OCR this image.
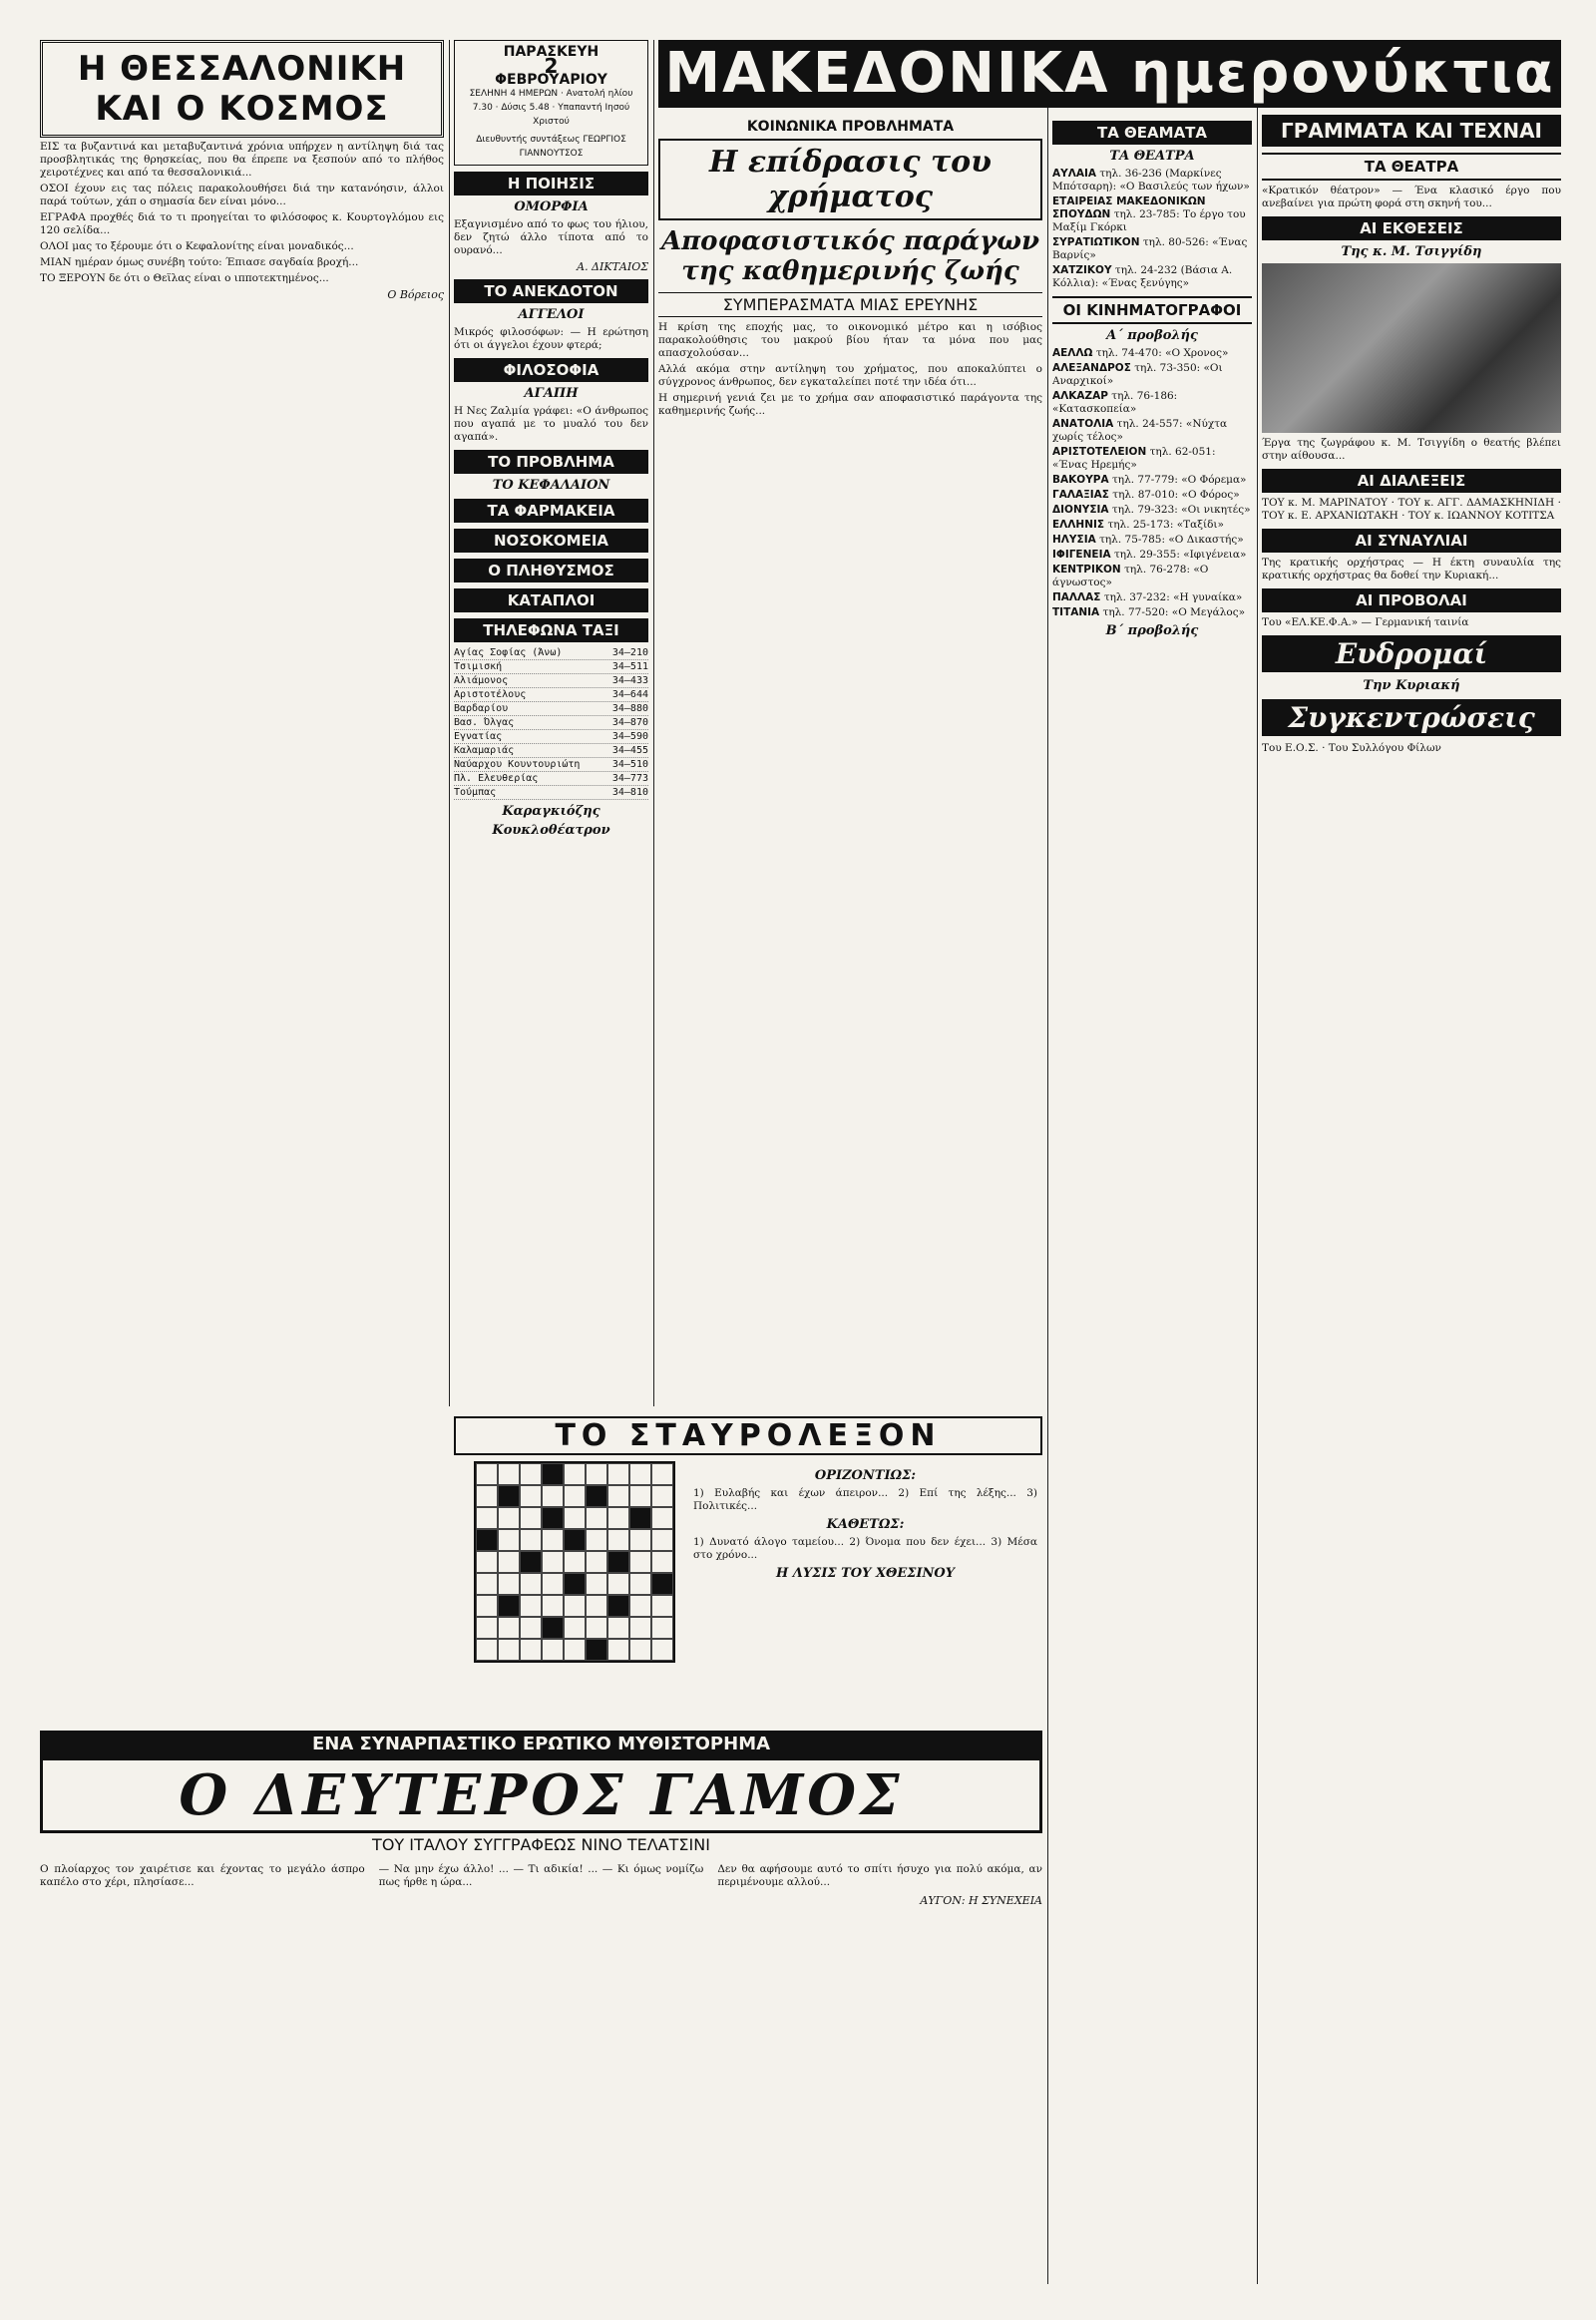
Η ΘΕΣΣΑΛΟΝΙΚΗ ΚΑΙ Ο ΚΟΣΜΟΣ

ΕΙΣ τα βυζαντινά και μεταβυζαντινά χρόνια υπήρχεν η αντίληψη διά τας προσβλητικάς της θρησκείας, που θα έπρεπε να ξεσπούν από το πλήθος χειροτέχνες και από τα θεσσαλονικιά...

ΟΣΟΙ έχουν εις τας πόλεις παρακολουθήσει διά την κατανόησιν, άλλοι παρά τούτων, χάπ ο σημασία δεν είναι μόνο...

ΕΓΡΑΦΑ πρoχθές διά το τι προηγείται το φιλόσοφος κ. Κουρτογλόμου εις 120 σελίδα...

ΟΛΟΙ μας το ξέρουμε ότι ο Κεφαλονίτης είναι μοναδικός...

ΜΙΑΝ ημέραν όμως συνέβη τούτο: Έπιασε σαγδαία βροχή...

ΤΟ ΞΕΡΟΥΝ δε ότι ο Θεϊλας είναι ο ιπποτεκτημένος...

Ο Βόρειος

ΠΑΡΑΣΚΕΥΗ
2
ΦΕΒΡΟΥΑΡΙΟΥ
ΣΕΛΗΝΗ 4 ΗΜΕΡΩΝ · Ανατολή ηλίου 7.30 · Δύσις 5.48 · Υπαπαντή Ιησού Χριστού
Διευθυντής συντάξεως ΓΕΩΡΓΙΟΣ ΓΙΑΝΝΟΥΤΣΟΣ
Η ΠΟΙΗΣΙΣ
ΟΜΟΡΦΙΑ

Εξαγνισμένο από το φως του ήλιου, δεν ζητώ άλλο τίποτα από το ουρανό...

Α. ΔΙΚΤΑΙΟΣ

ΤΟ ΑΝΕΚΔΟΤΟΝ
ΑΓΓΕΛΟΙ

Μικρός φιλοσόφων: — Η ερώτηση ότι οι άγγελοι έχουν φτερά;

ΦΙΛΟΣΟΦΙΑ
ΑΓΑΠΗ

Η Νες Ζαλμία γράφει: «Ο άνθρωπος που αγαπά με το μυαλό του δεν αγαπά».

ΤΟ ΠΡΟΒΛΗΜΑ
ΤΟ ΚΕΦΑΛΑΙΟΝ
ΤΑ ΦΑΡΜΑΚΕΙΑ
ΝΟΣΟΚΟΜΕΙΑ
Ο ΠΛΗΘΥΣΜΟΣ
ΚΑΤΑΠΛΟΙ
ΤΗΛΕΦΩΝΑ ΤΑΞΙ
Αγίας Σοφίας (Άνω)	34—210
Τσιμισκή	34—511
Αλιάμονος	34—433
Αριστοτέλους	34—644
Βαρδαρίου	34—880
Βασ. Όλγας	34—870
Εγνατίας	34—590
Καλαμαριάς	34—455
Ναύαρχου Κουντουριώτη	34—510
Πλ. Ελευθερίας	34—773
Τούμπας	34—810
Καραγκιόζης
Κουκλοθέατρον
ΜΑΚΕΔΟΝΙΚΑ ημερονύκτια
ΚΟΙΝΩΝΙΚΑ ΠΡΟΒΛΗΜΑΤΑ
Η επίδρασις του χρήματος
Αποφασιστικός παράγων της καθημερινής ζωής
ΣΥΜΠΕΡΑΣΜΑΤΑ ΜΙΑΣ ΕΡΕΥΝΗΣ

Η κρίση της εποχής μας, το οικονομικό μέτρο και η ισόβιος παρακολούθησις του μακρού βίου ήταν τα μόνα που μας απασχολούσαν...

Αλλά ακόμα στην αντίληψη του χρήματος, που αποκαλύπτει ο σύγχρονος άνθρωπος, δεν εγκαταλείπει ποτέ την ιδέα ότι...

Η σημερινή γενιά ζει με το χρήμα σαν αποφασιστικό παράγοντα της καθημερινής ζωής...

ΤΑ ΘΕΑΜΑΤΑ
ΤΑ ΘΕΑΤΡΑ
ΑΥΛΑΙΑ τηλ. 36-236 (Μαρκίνες Μπότσαρη): «Ο Βασιλεύς των ήχων»
ΕΤΑΙΡΕΙΑΣ ΜΑΚΕΔΟΝΙΚΩΝ ΣΠΟΥΔΩΝ τηλ. 23-785: Το έργο του Μαξίμ Γκόρκι
ΣΥΡΑΤΙΩΤΙΚΟΝ τηλ. 80-526: «Ένας Βαρνίς»
ΧΑΤΖΙΚΟΥ τηλ. 24-232 (Βάσια Α. Κόλλια): «Ένας ξενύγης»
ΟΙ ΚΙΝΗΜΑΤΟΓΡΑΦΟΙ
Α΄ προβολής
ΑΕΛΛΩ τηλ. 74-470: «Ο Χρονος»
ΑΛΕΞΑΝΔΡΟΣ τηλ. 73-350: «Οι Αναρχικοί»
ΑΛΚΑΖΑΡ τηλ. 76-186: «Κατασκοπεία»
ΑΝΑΤΟΛΙΑ τηλ. 24-557: «Νύχτα χωρίς τέλος»
ΑΡΙΣΤΟΤΕΛΕΙΟΝ τηλ. 62-051: «Ένας Ηρεμής»
ΒΑΚΟΥΡΑ τηλ. 77-779: «Ο Φόρεμα»
ΓΑΛΑΞΙΑΣ τηλ. 87-010: «Ο Φόρος»
ΔΙΟΝΥΣΙΑ τηλ. 79-323: «Οι νικητές»
ΕΛΛΗΝΙΣ τηλ. 25-173: «Ταξίδι»
ΗΛΥΣΙΑ τηλ. 75-785: «Ο Δικαστής»
ΙΦΙΓΕΝΕΙΑ τηλ. 29-355: «Ιφιγένεια»
ΚΕΝΤΡΙΚΟΝ τηλ. 76-278: «Ο άγνωστος»
ΠΑΛΛΑΣ τηλ. 37-232: «Η γυναίκα»
ΤΙΤΑΝΙΑ τηλ. 77-520: «Ο Μεγάλος»
Β΄ προβολής
ΓΡΑΜΜΑΤΑ ΚΑΙ ΤΕΧΝΑΙ
ΤΑ ΘΕΑΤΡΑ

«Κρατικόν θέατρον» — Ένα κλασικό έργο που ανεβαίνει για πρώτη φορά στη σκηνή του...

ΑΙ ΕΚΘΕΣΕΙΣ
Της κ. Μ. Τσιγγίδη

Έργα της ζωγράφου κ. Μ. Τσιγγίδη ο θεατής βλέπει στην αίθουσα...

ΑΙ ΔΙΑΛΕΞΕΙΣ

ΤΟΥ κ. Μ. ΜΑΡΙΝΑΤΟΥ · ΤΟΥ κ. ΑΓΓ. ΔΑΜΑΣΚΗΝΙΔΗ · ΤΟΥ κ. Ε. ΑΡΧΑΝΙΩΤΑΚΗ · ΤΟΥ κ. ΙΩΑΝΝΟΥ ΚΟΤΙΤΣΑ

ΑΙ ΣΥΝΑΥΛΙΑΙ

Της κρατικής ορχήστρας — Η έκτη συναυλία της κρατικής ορχήστρας θα δοθεί την Κυριακή...

ΑΙ ΠΡΟΒΟΛΑΙ

Του «ΕΛ.ΚΕ.Φ.Α.» — Γερμανική ταινία

Ευδρομαί
Την Κυριακή
Συγκεντρώσεις

Του Ε.Ο.Σ. · Του Συλλόγου Φίλων

ΤΟ ΣΤΑΥΡΟΛΕΞΟΝ
ΟΡΙΖΟΝΤΙΩΣ:

1) Ευλαβής και έχων άπειρον... 2) Επί της λέξης... 3) Πολιτικές...

ΚΑΘΕΤΩΣ:

1) Δυνατό άλογο ταμείου... 2) Όνομα που δεν έχει... 3) Μέσα στο χρόνο...

Η ΛΥΣΙΣ ΤΟΥ ΧΘΕΣΙΝΟΥ
ΕΝΑ ΣΥΝΑΡΠΑΣΤΙΚΟ ΕΡΩΤΙΚΟ ΜΥΘΙΣΤΟΡΗΜΑ
Ο ΔΕΥΤΕΡΟΣ ΓΑΜΟΣ
ΤΟΥ ΙΤΑΛΟΥ ΣΥΓΓΡΑΦΕΩΣ ΝΙΝΟ ΤΕΛΑΤΣΙΝΙ

Ο πλοίαρχος τον χαιρέτισε και έχοντας το μεγάλο άσπρο καπέλο στο χέρι, πλησίασε...

— Να μην έχω άλλο! ... — Τι αδικία! ... — Κι όμως νομίζω πως ήρθε η ώρα...

Δεν θα αφήσουμε αυτό το σπίτι ήσυχο για πολύ ακόμα, αν περιμένουμε αλλού...

ΑΥΓΟΝ: Η ΣΥΝΕΧΕΙΑ
